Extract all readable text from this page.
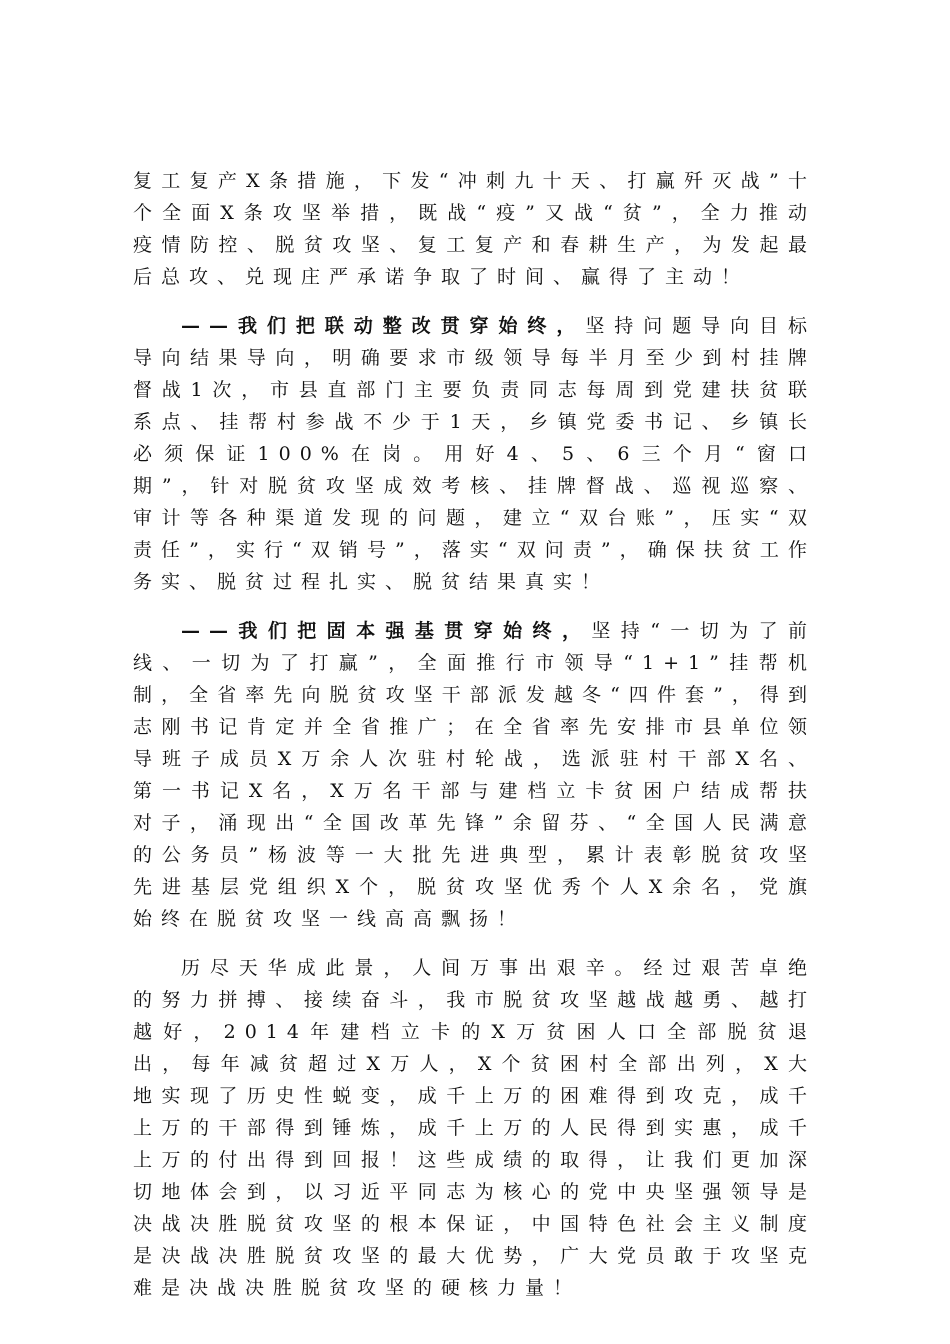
复工复产X条措施，下发“冲刺九十天、打赢歼灭战”十个全面X条攻坚举措，既战“疫”又战“贫”，全力推动疫情防控、脱贫攻坚、复工复产和春耕生产，为发起最后总攻、兑现庄严承诺争取了时间、赢得了主动！

——我们把联动整改贯穿始终，坚持问题导向目标导向结果导向，明确要求市级领导每半月至少到村挂牌督战1次，市县直部门主要负责同志每周到党建扶贫联系点、挂帮村参战不少于1天，乡镇党委书记、乡镇长必须保证100%在岗。用好4、5、6三个月“窗口期”，针对脱贫攻坚成效考核、挂牌督战、巡视巡察、审计等各种渠道发现的问题，建立“双台账”，压实“双责任”，实行“双销号”，落实“双问责”，确保扶贫工作务实、脱贫过程扎实、脱贫结果真实！

——我们把固本强基贯穿始终，坚持“一切为了前线、一切为了打赢”，全面推行市领导“1+1”挂帮机制，全省率先向脱贫攻坚干部派发越冬“四件套”，得到志刚书记肯定并全省推广；在全省率先安排市县单位领导班子成员X万余人次驻村轮战，选派驻村干部X名、第一书记X名，X万名干部与建档立卡贫困户结成帮扶对子，涌现出“全国改革先锋”余留芬、“全国人民满意的公务员”杨波等一大批先进典型，累计表彰脱贫攻坚先进基层党组织X个，脱贫攻坚优秀个人X余名，党旗始终在脱贫攻坚一线高高飘扬！

历尽天华成此景，人间万事出艰辛。经过艰苦卓绝的努力拼搏、接续奋斗，我市脱贫攻坚越战越勇、越打越好，2014年建档立卡的X万贫困人口全部脱贫退出，每年减贫超过X万人，X个贫困村全部出列，X大地实现了历史性蜕变，成千上万的困难得到攻克，成千上万的干部得到锤炼，成千上万的人民得到实惠，成千上万的付出得到回报！这些成绩的取得，让我们更加深切地体会到，以习近平同志为核心的党中央坚强领导是决战决胜脱贫攻坚的根本保证，中国特色社会主义制度是决战决胜脱贫攻坚的最大优势，广大党员敢于攻坚克难是决战决胜脱贫攻坚的硬核力量！
